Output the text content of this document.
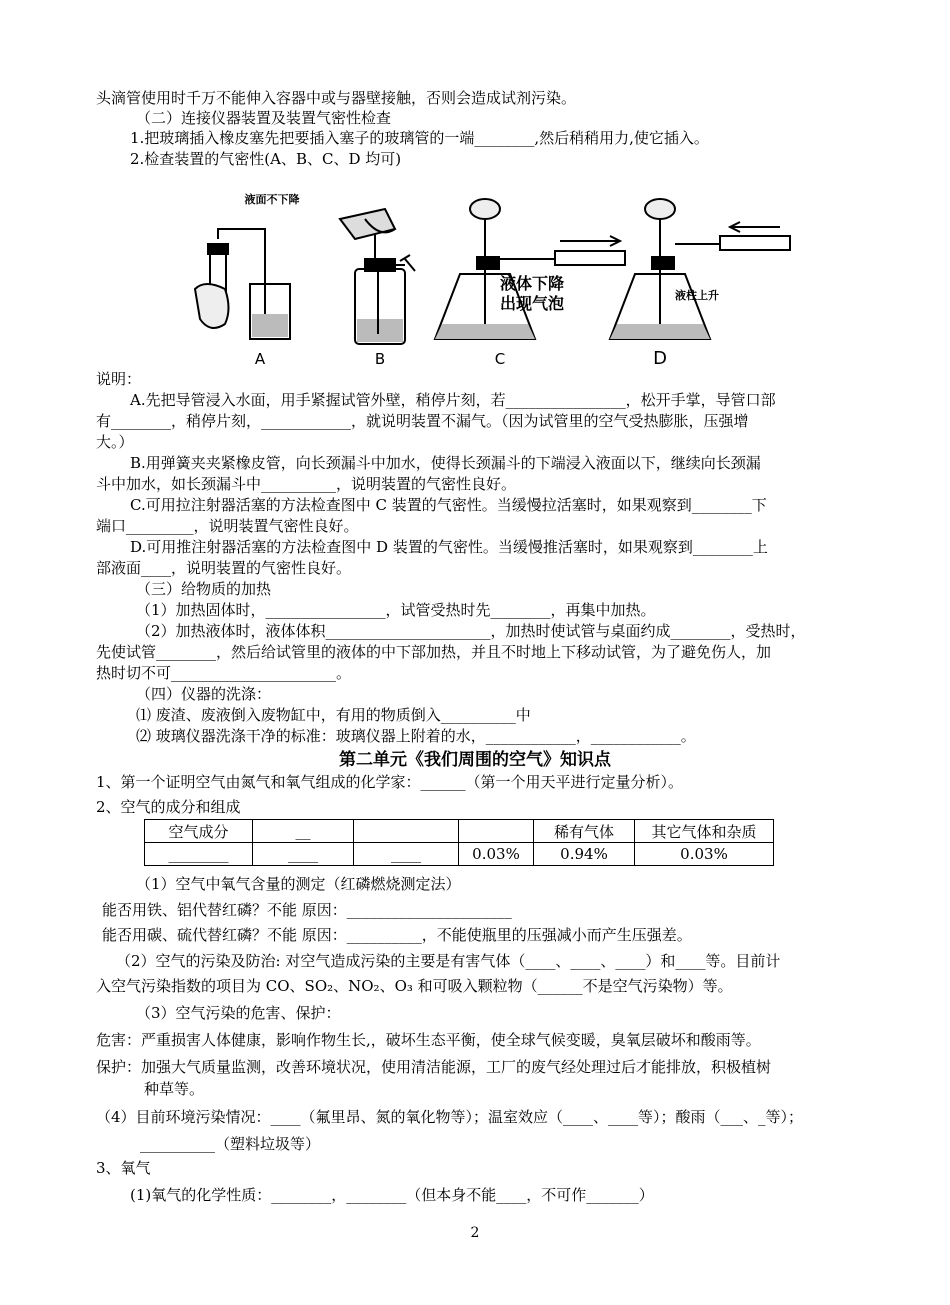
头滴管使用时千万不能伸入容器中或与器壁接触，否则会造成试剂污染。
（二）连接仪器装置及装置气密性检查
1.把玻璃插入橡皮塞先把要插入塞子的玻璃管的一端________,然后稍稍用力,使它插入。
2.检查装置的气密性(A、B、C、D 均可)
液面不下降
液体下降
出现气泡	液柱上升
A	B	C	D
说明：
A.先把导管浸入水面，用手紧握试管外壁，稍停片刻，若________________，松开手掌，导管口部
有________，稍停片刻，____________，就说明装置不漏气。（因为试管里的空气受热膨胀，压强增
大。）
B.用弹簧夹夹紧橡皮管，向长颈漏斗中加水，使得长颈漏斗的下端浸入液面以下，继续向长颈漏
斗中加水，如长颈漏斗中__________，说明装置的气密性良好。
C.可用拉注射器活塞的方法检查图中 C 装置的气密性。当缓慢拉活塞时，如果观察到________下
端口_________，说明装置气密性良好。
D.可用推注射器活塞的方法检查图中 D 装置的气密性。当缓慢推活塞时，如果观察到________上
部液面____，说明装置的气密性良好。
（三）给物质的加热
（1）加热固体时，________________，试管受热时先________，再集中加热。
（2）加热液体时，液体体积______________________，加热时使试管与桌面约成________，受热时，
先使试管________，然后给试管里的液体的中下部加热，并且不时地上下移动试管，为了避免伤人，加
热时切不可______________________。
（四）仪器的洗涤：
⑴ 废渣、废液倒入废物缸中，有用的物质倒入__________中
⑵ 玻璃仪器洗涤干净的标准：玻璃仪器上附着的水，____________，____________。
第二单元《我们周围的空气》知识点
1、第一个证明空气由氮气和氧气组成的化学家：______（第一个用天平进行定量分析）。
2、空气的成分和组成
空气成分	__			稀有气体	其它气体和杂质
________	____	____	0.03%	0.94%	0.03%
（1）空气中氧气含量的测定（红磷燃烧测定法）
能否用铁、铝代替红磷？不能 原因：______________________
能否用碳、硫代替红磷？不能 原因：__________，不能使瓶里的压强减小而产生压强差。
（2）空气的污染及防治: 对空气造成污染的主要是有害气体（____、____、____）和____等。目前计
入空气污染指数的项目为 CO、SO₂、NO₂、O₃ 和可吸入颗粒物（______不是空气污染物）等。
（3）空气污染的危害、保护：
危害：严重损害人体健康，影响作物生长,，破坏生态平衡，使全球气候变暖，臭氧层破坏和酸雨等。
保护：加强大气质量监测，改善环境状况，使用清洁能源，工厂的废气经处理过后才能排放，积极植树
种草等。
（4）目前环境污染情况：____（氟里昂、氮的氧化物等）；温室效应（____、____等）；酸雨（___、_等）；
__________（塑料垃圾等）
3、氧气
(1)氧气的化学性质：________，________（但本身不能____，不可作_______）
2
